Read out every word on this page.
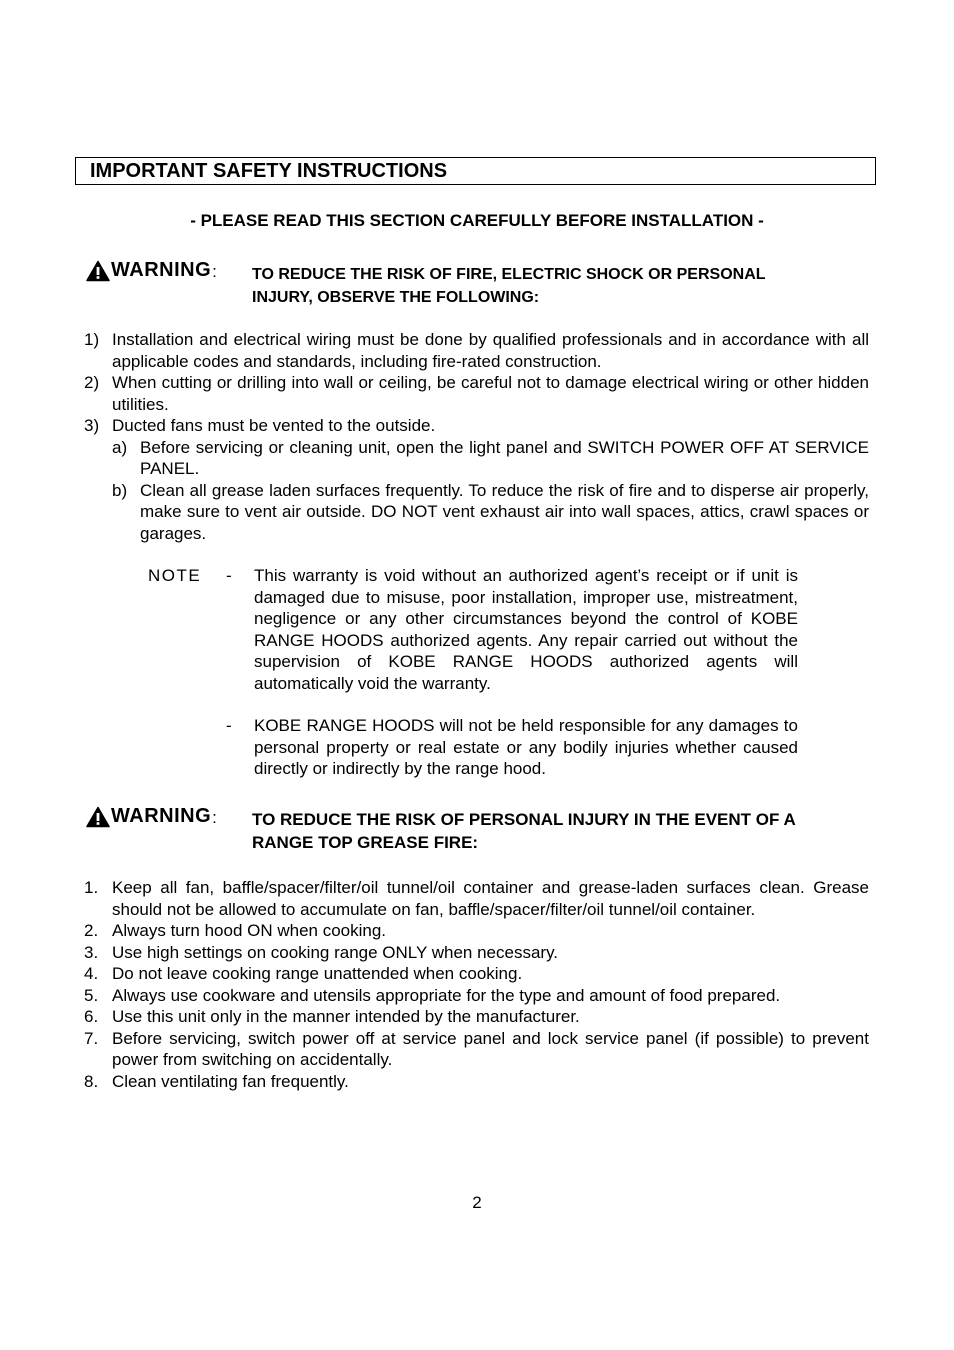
IMPORTANT SAFETY INSTRUCTIONS
- PLEASE READ THIS SECTION CAREFULLY BEFORE INSTALLATION -
WARNING : TO REDUCE THE RISK OF FIRE, ELECTRIC SHOCK OR PERSONAL
INJURY, OBSERVE THE FOLLOWING:
1) Installation and electrical wiring must be done by qualified professionals and in accordance with all applicable codes and standards, including fire-rated construction.
2) When cutting or drilling into wall or ceiling, be careful not to damage electrical wiring or other hidden utilities.
3) Ducted fans must be vented to the outside.
a) Before servicing or cleaning unit, open the light panel and SWITCH POWER OFF AT SERVICE PANEL.
b) Clean all grease laden surfaces frequently. To reduce the risk of fire and to disperse air properly, make sure to vent air outside. DO NOT vent exhaust air into wall spaces, attics, crawl spaces or garages.
NOTE	-	This warranty is void without an authorized agent’s receipt or if unit is damaged due to misuse, poor installation, improper use, mistreatment, negligence or any other circumstances beyond the control of KOBE RANGE HOODS authorized agents. Any repair carried out without the supervision of KOBE RANGE HOODS authorized agents will automatically void the warranty.
-	KOBE RANGE HOODS will not be held responsible for any damages to personal property or real estate or any bodily injuries whether caused directly or indirectly by the range hood.
WARNING : TO REDUCE THE RISK OF PERSONAL INJURY IN THE EVENT OF A
RANGE TOP GREASE FIRE:
1. Keep all fan, baffle/spacer/filter/oil tunnel/oil container and grease-laden surfaces clean. Grease should not be allowed to accumulate on fan, baffle/spacer/filter/oil tunnel/oil container.
2. Always turn hood ON when cooking.
3. Use high settings on cooking range ONLY when necessary.
4. Do not leave cooking range unattended when cooking.
5. Always use cookware and utensils appropriate for the type and amount of food prepared.
6. Use this unit only in the manner intended by the manufacturer.
7. Before servicing, switch power off at service panel and lock service panel (if possible) to prevent power from switching on accidentally.
8. Clean ventilating fan frequently.
2
